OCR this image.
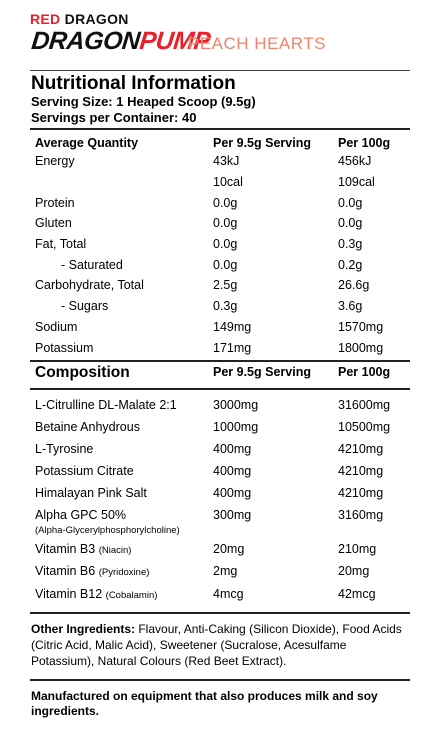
RED DRAGON
DRAGONPUMP
PEACH HEARTS
Nutritional Information
Serving Size: 1 Heaped Scoop (9.5g)
Servings per Container: 40
Average Quantity	Per 9.5g Serving Per 100g
Energy	43kJ	456kJ
10cal	109cal
Protein	0.0g	0.0g
Gluten	0.0g	0.0g
Fat, Total	0.0g	0.3g
- Saturated	0.0g	0.2g
Carbohydrate, Total	2.5g	26.6g
- Sugars	0.3g	3.6g
Sodium	149mg	1570mg
Potassium	171mg	1800mg
Composition	Per 9.5g Serving Per 100g
L-Citrulline DL-Malate 2:1	3000mg	31600mg
Betaine Anhydrous	1000mg	10500mg
L-Tyrosine	400mg	4210mg
Potassium Citrate	400mg	4210mg
Himalayan Pink Salt	400mg	4210mg
Alpha GPC 50%

(Alpha-Glycerylphosphorylcholine)
300mg	3160mg
Vitamin B3 (Niacin)	20mg	210mg
Vitamin B6 (Pyridoxine)	2mg	20mg
Vitamin B12 (Cobalamin)	4mcg	42mcg
Other Ingredients: Flavour, Anti-Caking (Silicon Dioxide), Food Acids (Citric Acid, Malic Acid), Sweetener (Sucralose, Acesulfame Potassium), Natural Colours (Red Beet Extract).
Manufactured on equipment that also produces milk and soy ingredients.
